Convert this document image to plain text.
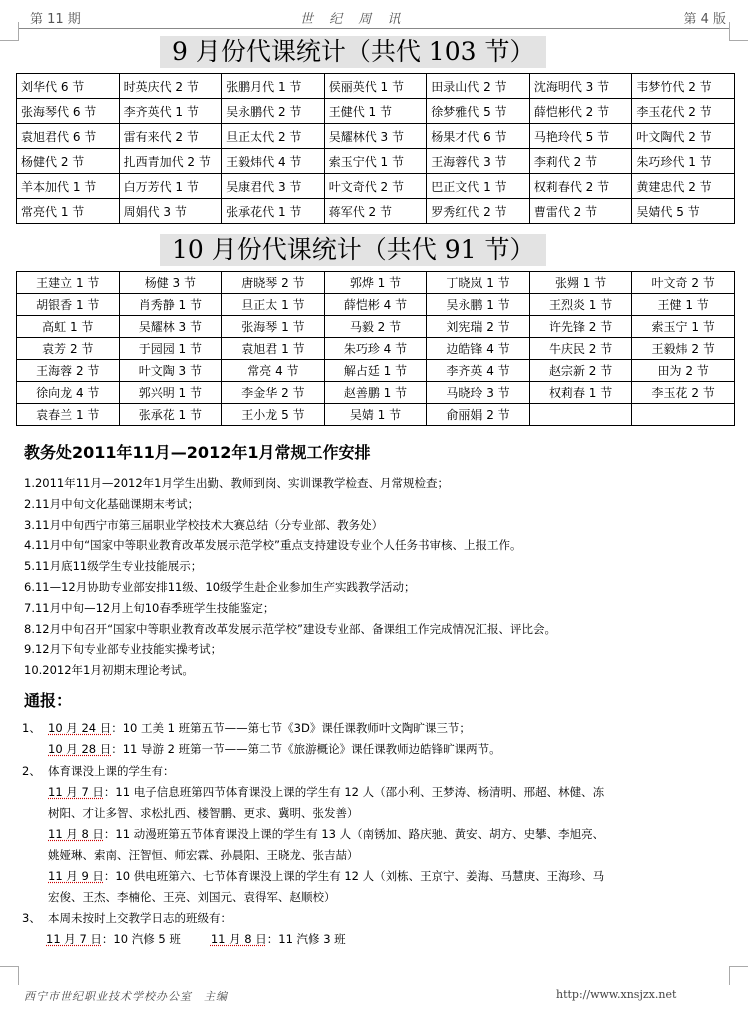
第 11 期	世 纪 周 讯	第 4 版
9 月份代课统计（共代 103 节）
刘华代 6 节	时英庆代 2 节	张鹏月代 1 节	侯丽英代 1 节	田录山代 2 节	沈海明代 3 节	韦梦竹代 2 节
张海琴代 6 节	李齐英代 1 节	吴永鹏代 2 节	王健代 1 节	徐梦雅代 5 节	薛恺彬代 2 节	李玉花代 2 节
袁旭君代 6 节	雷有来代 2 节	旦正太代 2 节	吴耀林代 3 节	杨果才代 6 节	马艳玲代 5 节	叶文陶代 2 节
杨健代 2 节	扎西青加代 2 节	王毅炜代 4 节	索玉宁代 1 节	王海蓉代 3 节	李莉代 2 节	朱巧珍代 1 节
羊本加代 1 节	白万芳代 1 节	吴康君代 3 节	叶文奇代 2 节	巴正文代 1 节	权莉春代 2 节	黄建忠代 2 节
常亮代 1 节	周娟代 3 节	张承花代 1 节	蒋军代 2 节	罗秀红代 2 节	曹雷代 2 节	吴婧代 5 节
10 月份代课统计（共代 91 节）
王建立 1 节	杨健 3 节	唐晓琴 2 节	郭烨 1 节	丁晓岚 1 节	张翙 1 节	叶文奇 2 节
胡银香 1 节	肖秀静 1 节	旦正太 1 节	薛恺彬 4 节	吴永鹏 1 节	王烈炎 1 节	王健 1 节
高虹 1 节	吴耀林 3 节	张海琴 1 节	马毅 2 节	刘宪瑞 2 节	许先锋 2 节	索玉宁 1 节
袁芳 2 节	于园园 1 节	袁旭君 1 节	朱巧珍 4 节	边皓锋 4 节	牛庆民 2 节	王毅炜 2 节
王海蓉 2 节	叶文陶 3 节	常亮 4 节	解占廷 1 节	李齐英 4 节	赵宗新 2 节	田为 2 节
徐向龙 4 节	郭兴明 1 节	李金华 2 节	赵善鹏 1 节	马晓玲 3 节	权莉春 1 节	李玉花 2 节
袁春兰 1 节	张承花 1 节	王小龙 5 节	吴婧 1 节	俞丽娟 2 节		
教务处2011年11月—2012年1月常规工作安排
1.2011年11月—2012年1月学生出勤、教师到岗、实训课教学检查、月常规检查；
2.11月中旬文化基础课期末考试；
3.11月中旬西宁市第三届职业学校技术大赛总结（分专业部、教务处）
4.11月中旬“国家中等职业教育改革发展示范学校”重点支持建设专业个人任务书审核、上报工作。
5.11月底11级学生专业技能展示；
6.11—12月协助专业部安排11级、10级学生赴企业参加生产实践教学活动；
7.11月中旬—12月上旬10春季班学生技能鉴定；
8.12月中旬召开“国家中等职业教育改革发展示范学校”建设专业部、备课组工作完成情况汇报、评比会。
9.12月下旬专业部专业技能实操考试；
10.2012年1月初期末理论考试。
通报：
1、 10 月 24 日：10 工美 1 班第五节——第七节《3D》课任课教师叶文陶旷课三节；
10 月 28 日：11 导游 2 班第一节——第二节《旅游概论》课任课教师边皓锋旷课两节。
2、 体育课没上课的学生有：
11 月 7 日：11 电子信息班第四节体育课没上课的学生有 12 人（邵小利、王梦涛、杨清明、邢超、林健、冻
树阳、才让多智、求松扎西、楼智鹏、更求、冀明、张发善）
11 月 8 日：11 动漫班第五节体育课没上课的学生有 13 人（南锈加、路庆驰、黄安、胡方、史攀、李旭亮、
姚娅琳、索南、汪智恒、师宏霖、孙晨阳、王晓龙、张吉喆）
11 月 9 日：10 供电班第六、七节体育课没上课的学生有 12 人（刘栋、王京宁、姜海、马慧庚、王海珍、马
宏俊、王杰、李楠伦、王亮、刘国元、袁得军、赵顺校）
3、 本周未按时上交教学日志的班级有：
11 月 7 日：10 汽修 5 班	11 月 8 日：11 汽修 3 班
西宁市世纪职业技术学校办公室　主编	http://www.xnsjzx.net
